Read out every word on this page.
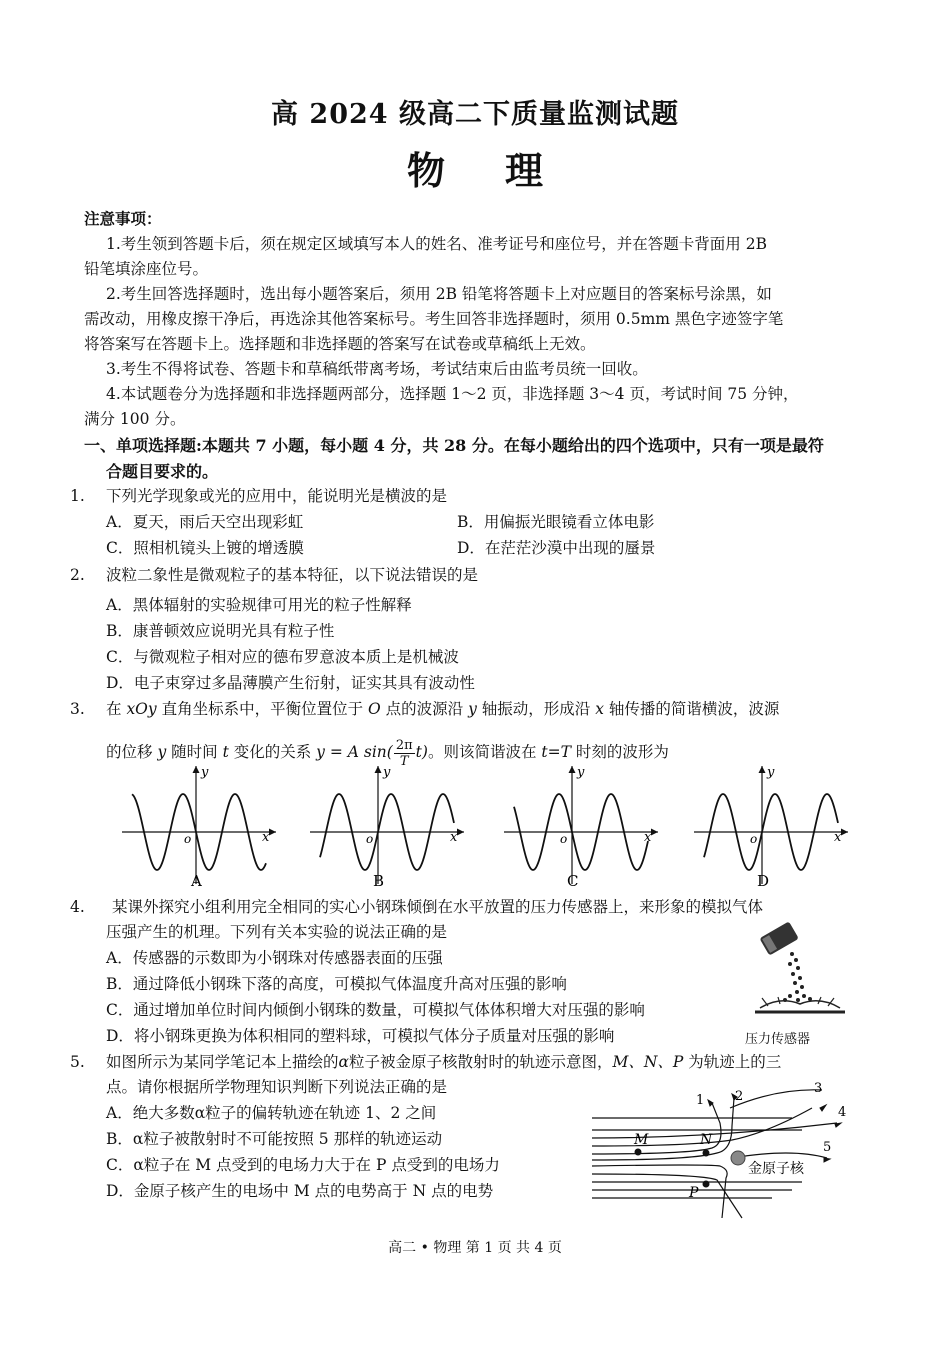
高 2024 级高二下质量监测试题
物理
注意事项：
1.考生领到答题卡后，须在规定区域填写本人的姓名、准考证号和座位号，并在答题卡背面用 2B
铅笔填涂座位号。
2.考生回答选择题时，选出每小题答案后，须用 2B 铅笔将答题卡上对应题目的答案标号涂黑，如
需改动，用橡皮擦干净后，再选涂其他答案标号。考生回答非选择题时，须用 0.5mm 黑色字迹签字笔
将答案写在答题卡上。选择题和非选择题的答案写在试卷或草稿纸上无效。
3.考生不得将试卷、答题卡和草稿纸带离考场，考试结束后由监考员统一回收。
4.本试题卷分为选择题和非选择题两部分，选择题 1～2 页，非选择题 3～4 页，考试时间 75 分钟，
满分 100 分。
一、单项选择题:本题共 7 小题，每小题 4 分，共 28 分。在每小题给出的四个选项中，只有一项是最符
合题目要求的。
1. 下列光学现象或光的应用中，能说明光是横波的是
A．夏天，雨后天空出现彩虹	B．用偏振光眼镜看立体电影
C．照相机镜头上镀的增透膜	D．在茫茫沙漠中出现的蜃景
2. 波粒二象性是微观粒子的基本特征，以下说法错误的是
A．黑体辐射的实验规律可用光的粒子性解释
B．康普顿效应说明光具有粒子性
C．与微观粒子相对应的德布罗意波本质上是机械波
D．电子束穿过多晶薄膜产生衍射，证实其具有波动性
3. 在 xOy 直角坐标系中，平衡位置位于 O 点的波源沿 y 轴振动，形成沿 x 轴传播的简谐横波，波源
的位移 y 随时间 t 变化的关系 y = A $\sin( \frac{2\pi}{T} t)$。则该简谐波在 t=T 时刻的波形为
y
x
o
A
y
x
o
B
y
x
o
C
y
x
o
D
4. 某课外探究小组利用完全相同的实心小钢珠倾倒在水平放置的压力传感器上，来形象的模拟气体
压强产生的机理。下列有关本实验的说法正确的是
A．传感器的示数即为小钢珠对传感器表面的压强
B．通过降低小钢珠下落的高度，可模拟气体温度升高对压强的影响
C．通过增加单位时间内倾倒小钢珠的数量，可模拟气体体积增大对压强的影响
D．将小钢珠更换为体积相同的塑料球，可模拟气体分子质量对压强的影响	压力传感器
5. 如图所示为某同学笔记本上描绘的α粒子被金原子核散射时的轨迹示意图，M、N、P 为轨迹上的三
点。请你根据所学物理知识判断下列说法正确的是
A．绝大多数α粒子的偏转轨迹在轨迹 1、2 之间
B．α粒子被散射时不可能按照 5 那样的轨迹运动
C．α粒子在 M 点受到的电场力大于在 P 点受到的电场力
D．金原子核产生的电场中 M 点的电势高于 N 点的电势
1 2
3
4
5
M	N
P
金原子核
高二 • 物理 第 1 页 共 4 页
